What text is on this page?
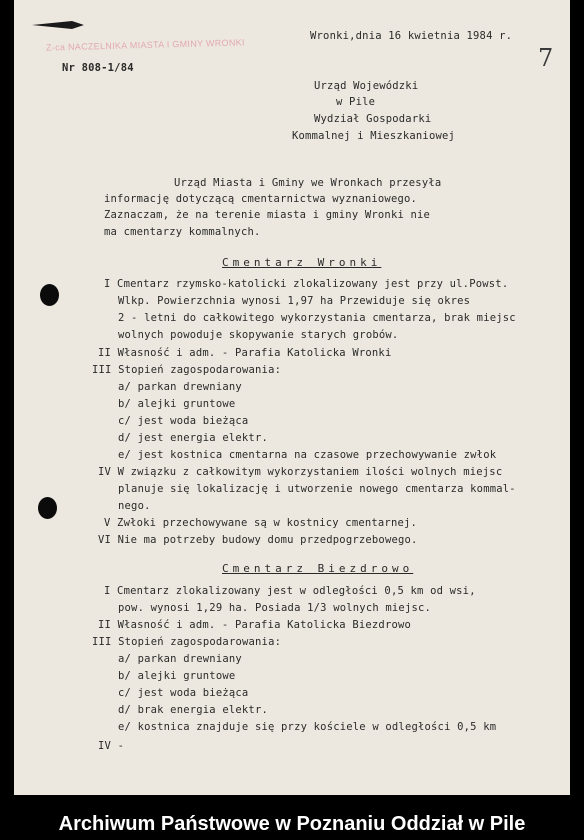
Z-ca NACZELNIKA MIASTA I GMINY WRONKI
Nr 808-1/84
Wronki,dnia 16 kwietnia 1984 r.
7
Urząd Wojewódzki
w Pile
Wydział Gospodarki
Kommalnej i Mieszkaniowej
Urząd Miasta i Gminy we Wronkach przesyła
informację dotyczącą cmentarnictwa wyznaniowego.
Zaznaczam, że na terenie miasta i gminy Wronki nie
ma cmentarzy kommalnych.
Cmentarz Wronki
I Cmentarz rzymsko-katolicki zlokalizowany jest przy ul.Powst.
Wlkp. Powierzchnia wynosi 1,97 ha Przewiduje się okres
2 - letni do całkowitego wykorzystania cmentarza, brak miejsc
wolnych powoduje skopywanie starych grobów.
II Własność i adm. - Parafia Katolicka Wronki
III Stopień zagospodarowania:
a/ parkan drewniany
b/ alejki gruntowe
c/ jest woda bieżąca
d/ jest energia elektr.
e/ jest kostnica cmentarna na czasowe przechowywanie zwłok
IV W związku z całkowitym wykorzystaniem ilości wolnych miejsc
planuje się lokalizację i utworzenie nowego cmentarza kommal-
nego.
V Zwłoki przechowywane są w kostnicy cmentarnej.
VI Nie ma potrzeby budowy domu przedpogrzebowego.
Cmentarz Biezdrowo
I Cmentarz zlokalizowany jest w odległości 0,5 km od wsi,
pow. wynosi 1,29 ha. Posiada 1/3 wolnych miejsc.
II Własność i adm. - Parafia Katolicka Biezdrowo
III Stopień zagospodarowania:
a/ parkan drewniany
b/ alejki gruntowe
c/ jest woda bieżąca
d/ brak energia elektr.
e/ kostnica znajduje się przy kościele w odległości 0,5 km
IV -
Archiwum Państwowe w Poznaniu Oddział w Pile
